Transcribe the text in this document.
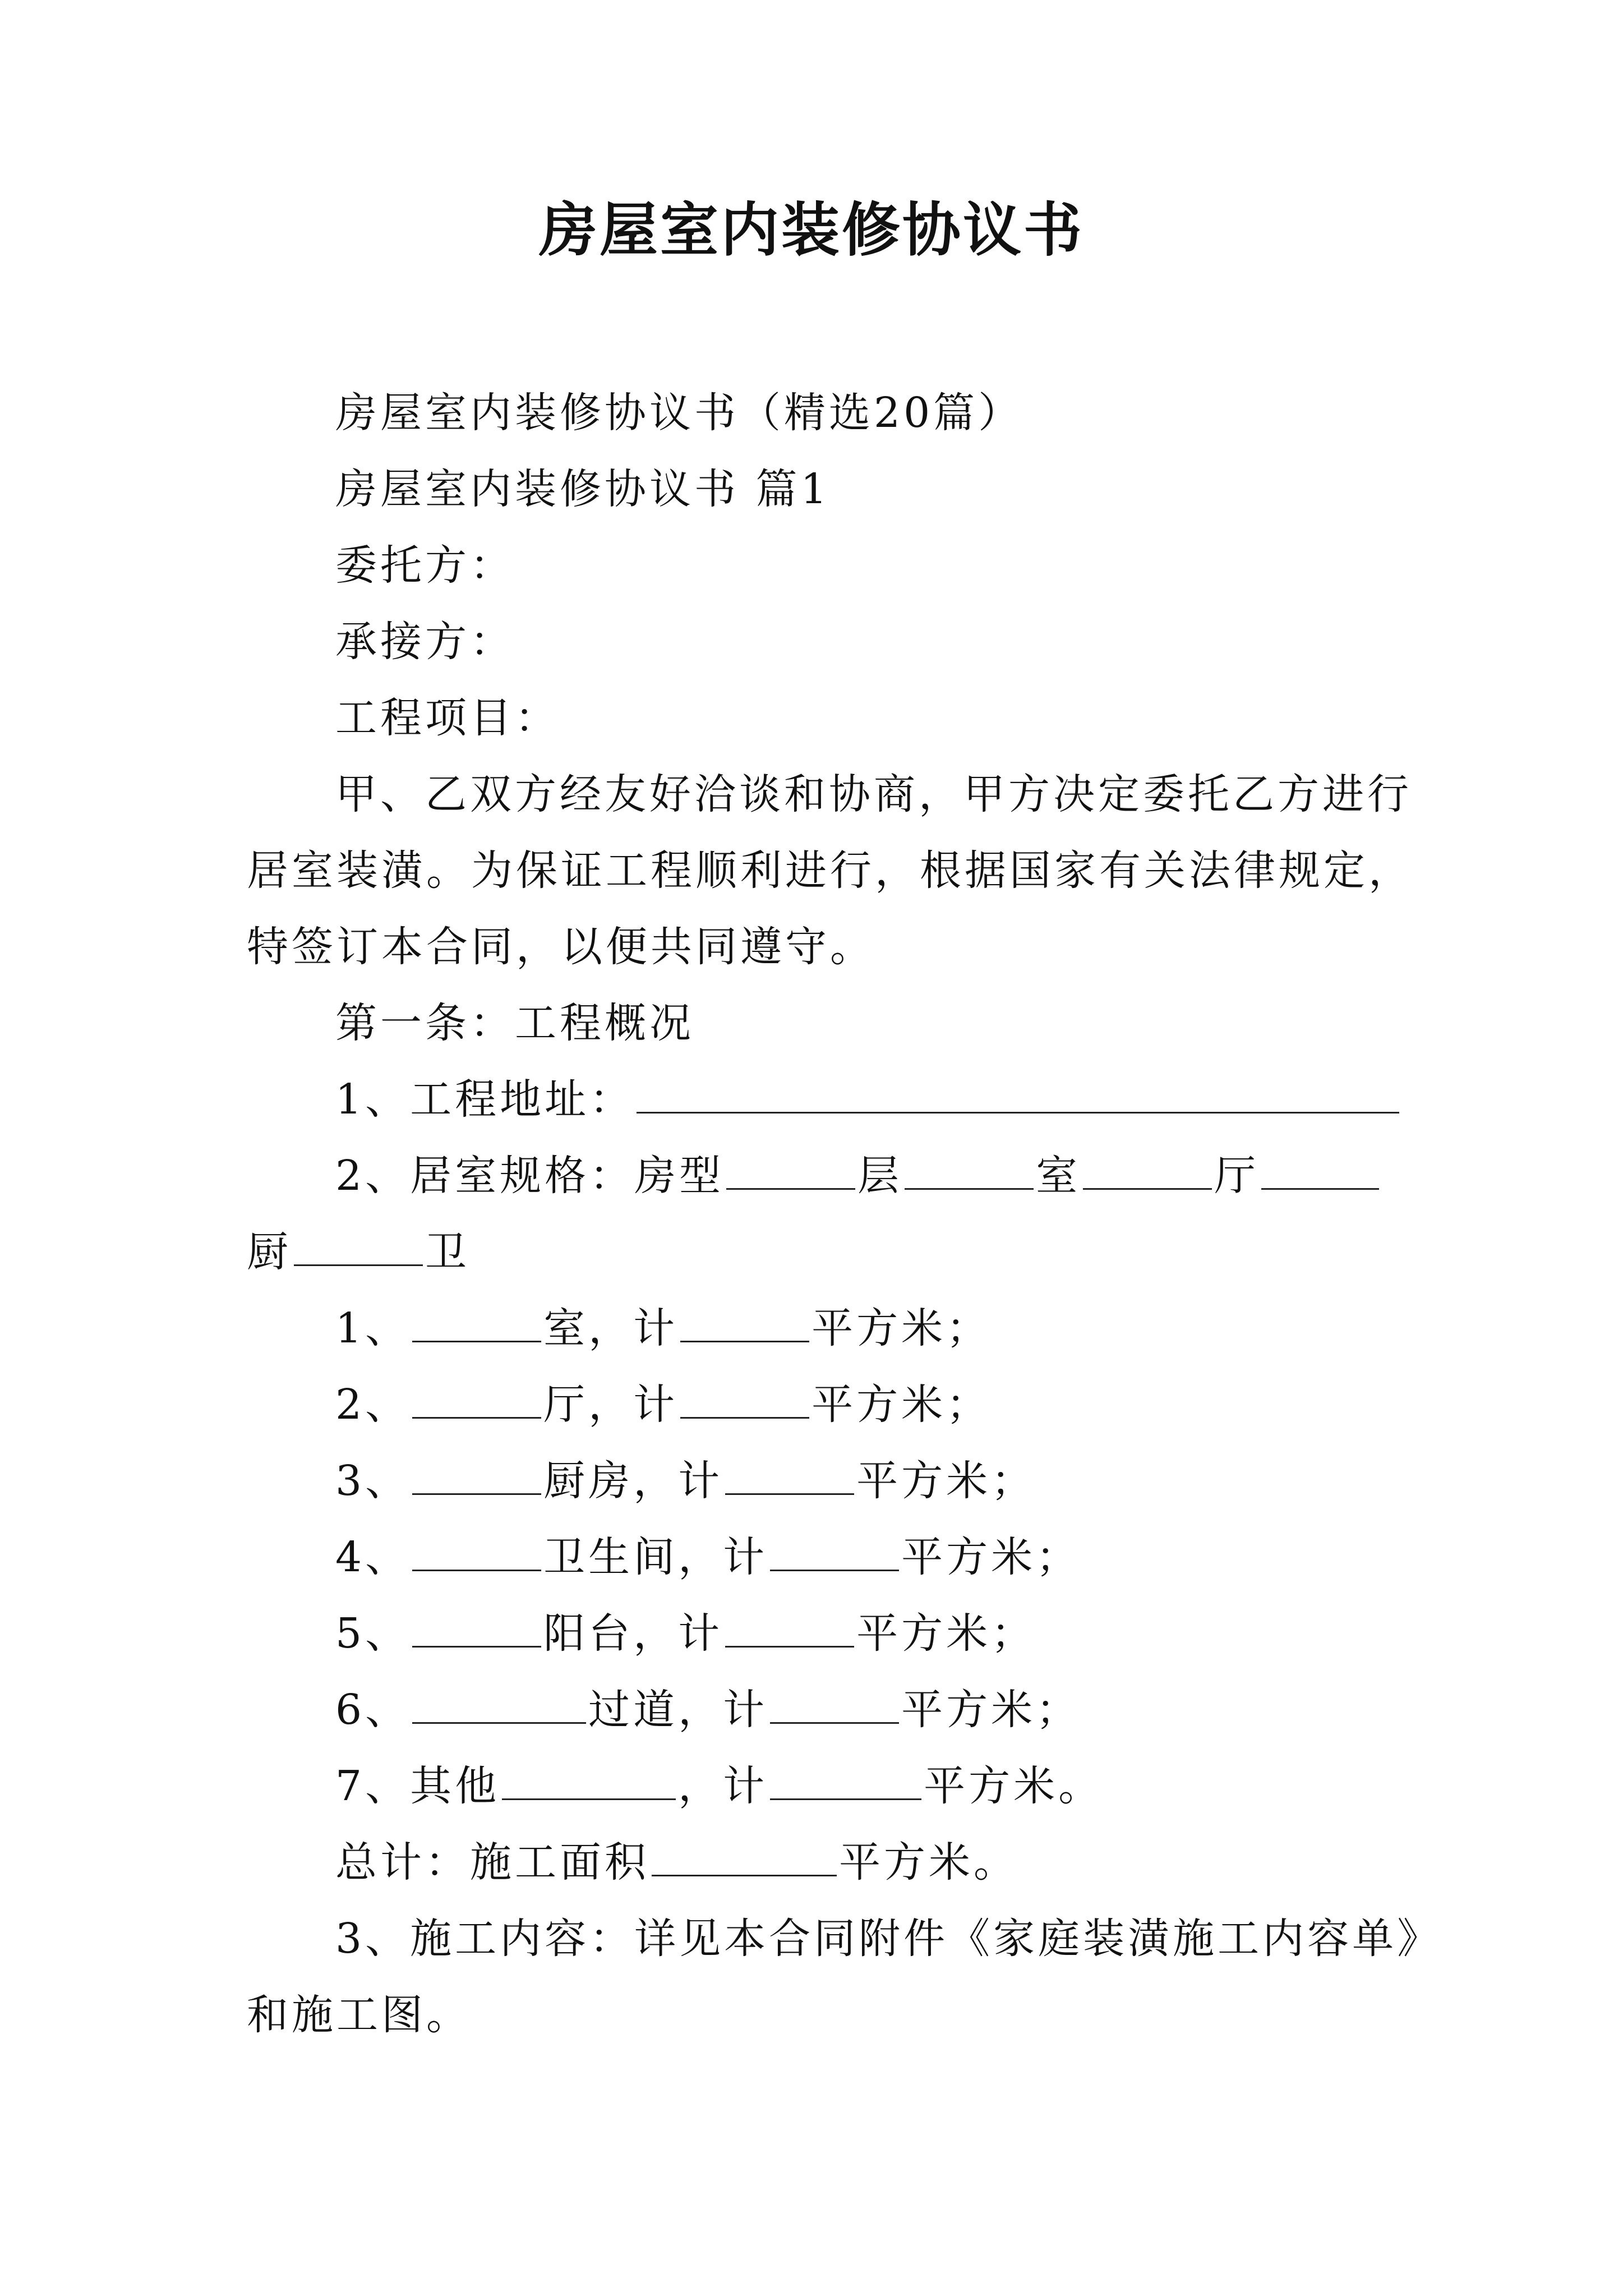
房屋室内装修协议书
房屋室内装修协议书（精选20篇）
房屋室内装修协议书 篇1
委托方：
承接方：
工程项目：
甲、乙双方经友好洽谈和协商，甲方决定委托乙方进行
居室装潢。为保证工程顺利进行，根据国家有关法律规定，
特签订本合同，以便共同遵守。
第一条：工程概况
1、工程地址：
2、居室规格：房型	层	室	厅
厨	卫
1、	室，计	平方米；
2、	厅，计	平方米；
3、	厨房，计	平方米；
4、	卫生间，计	平方米；
5、	阳台，计	平方米；
6、	过道，计	平方米；
7、其他	，计	平方米。
总计：施工面积	平方米。
3、施工内容：详见本合同附件《家庭装潢施工内容单》
和施工图。
